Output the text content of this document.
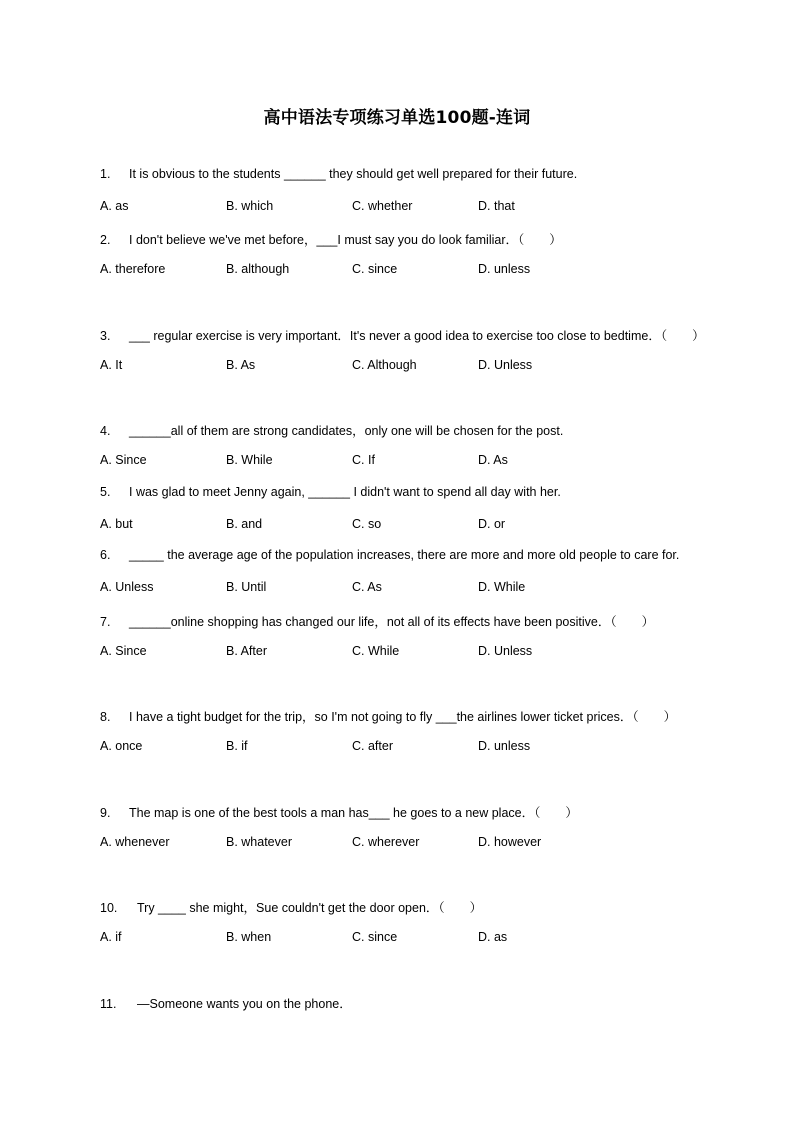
高中语法专项练习单选100题-连词
1. It is obvious to the students ______ they should get well prepared for their future.
A. as	B. which	C. whether	D. that
2. I don't believe we've met before，___I must say you do look familiar．（　　）
A. therefore	B. although	C. since	D. unless
3. ___ regular exercise is very important．It's never a good idea to exercise too close to bedtime．（　　）
A. It	B. As	C. Although	D. Unless
4. ______all of them are strong candidates，only one will be chosen for the post.
A. Since	B. While	C. If	D. As
5. I was glad to meet Jenny again, ______ I didn't want to spend all day with her.
A. but	B. and	C. so	D. or
6. _____ the average age of the population increases, there are more and more old people to care for.
A. Unless	B. Until	C. As	D. While
7. ______online shopping has changed our life，not all of its effects have been positive．（　　）
A. Since	B. After	C. While	D. Unless
8. I have a tight budget for the trip，so I'm not going to fly ___the airlines lower ticket prices．（　　）
A. once	B. if	C. after	D. unless
9. The map is one of the best tools a man has___ he goes to a new place．（　　）
A. whenever	B. whatever	C. wherever	D. however
10. Try ____ she might，Sue couldn't get the door open．（　　）
A. if	B. when	C. since	D. as
11. —Someone wants you on the phone．
